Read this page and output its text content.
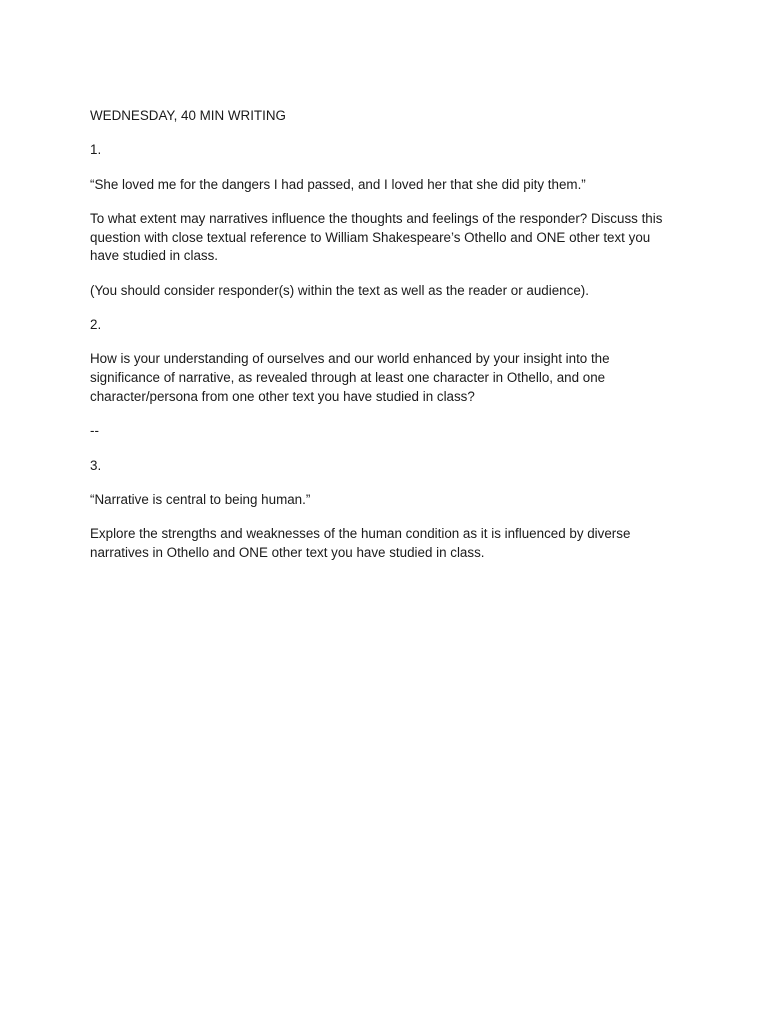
WEDNESDAY, 40 MIN WRITING

1.

“She loved me for the dangers I had passed, and I loved her that she did pity them.”

To what extent may narratives influence the thoughts and feelings of the responder? Discuss this question with close textual reference to William Shakespeare’s Othello and ONE other text you have studied in class.

(You should consider responder(s) within the text as well as the reader or audience).

2.

How is your understanding of ourselves and our world enhanced by your insight into the significance of narrative, as revealed through at least one character in Othello, and one character/persona from one other text you have studied in class?

--

3.

“Narrative is central to being human.”

Explore the strengths and weaknesses of the human condition as it is influenced by diverse narratives in Othello and ONE other text you have studied in class.
